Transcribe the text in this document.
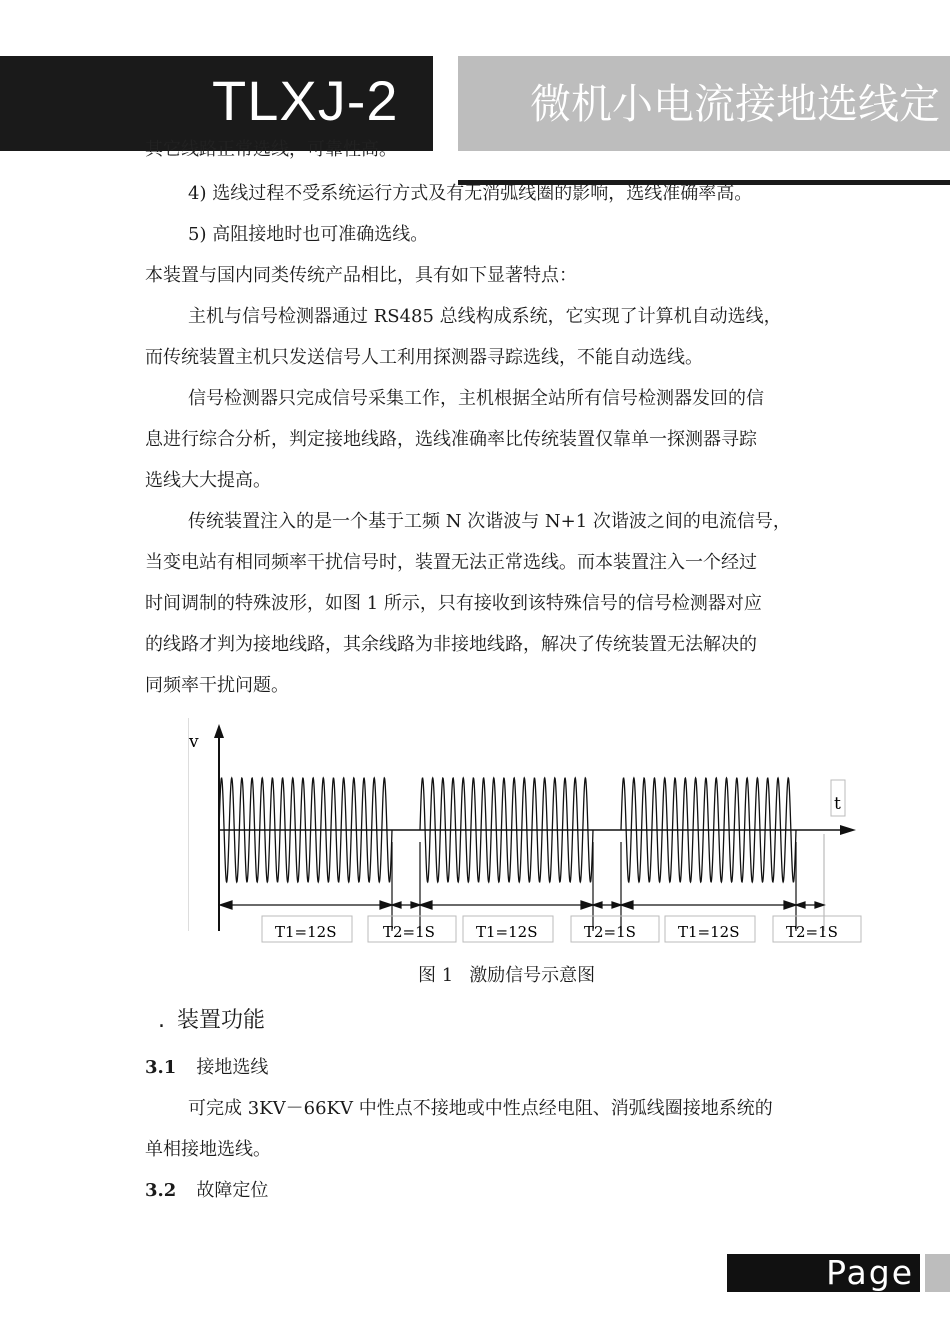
TLXJ-2	微机小电流接地选线定
其它线路正常选线，可靠性高。
4) 选线过程不受系统运行方式及有无消弧线圈的影响，选线准确率高。
5) 高阻接地时也可准确选线。
本装置与国内同类传统产品相比，具有如下显著特点：
主机与信号检测器通过 RS485 总线构成系统，它实现了计算机自动选线，
而传统装置主机只发送信号人工利用探测器寻踪选线，不能自动选线。
信号检测器只完成信号采集工作，主机根据全站所有信号检测器发回的信
息进行综合分析，判定接地线路，选线准确率比传统装置仅靠单一探测器寻踪
选线大大提高。
传统装置注入的是一个基于工频 N 次谐波与 N+1 次谐波之间的电流信号，
当变电站有相同频率干扰信号时，装置无法正常选线。而本装置注入一个经过
时间调制的特殊波形，如图 1 所示，只有接收到该特殊信号的信号检测器对应
的线路才判为接地线路，其余线路为非接地线路，解决了传统装置无法解决的
同频率干扰问题。
v
t
T1=12S	T2=1S	T1=12S	T2=1S	T1=12S	T2=1S
图 1 激励信号示意图
. 装置功能
3.1 接地选线
可完成 3KV－66KV 中性点不接地或中性点经电阻、消弧线圈接地系统的
单相接地选线。
3.2 故障定位
Page
